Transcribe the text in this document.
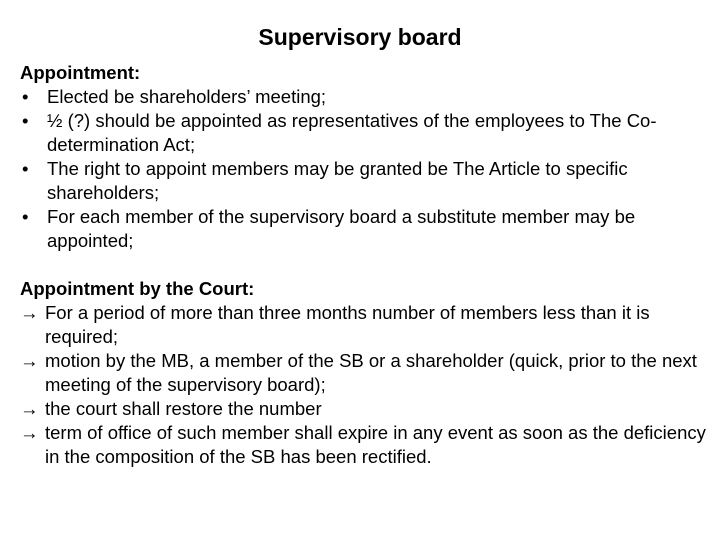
Supervisory board

Appointment:

• Elected be shareholders’ meeting;
• ½ (?) should be appointed as representatives of the employees to The Co-determination Act;
• The right to appoint members may be granted be The Article to specific shareholders;
• For each member of the supervisory board a substitute member may be appointed;

Appointment by the Court:

→ For a period of more than three months number of members less than it is required;
→ motion by the MB, a member of the SB or a shareholder (quick, prior to the next meeting of the supervisory board);
→ the court shall restore the number
→ term of office of such member shall expire in any event as soon as the deficiency in the composition of the SB has been rectified.
